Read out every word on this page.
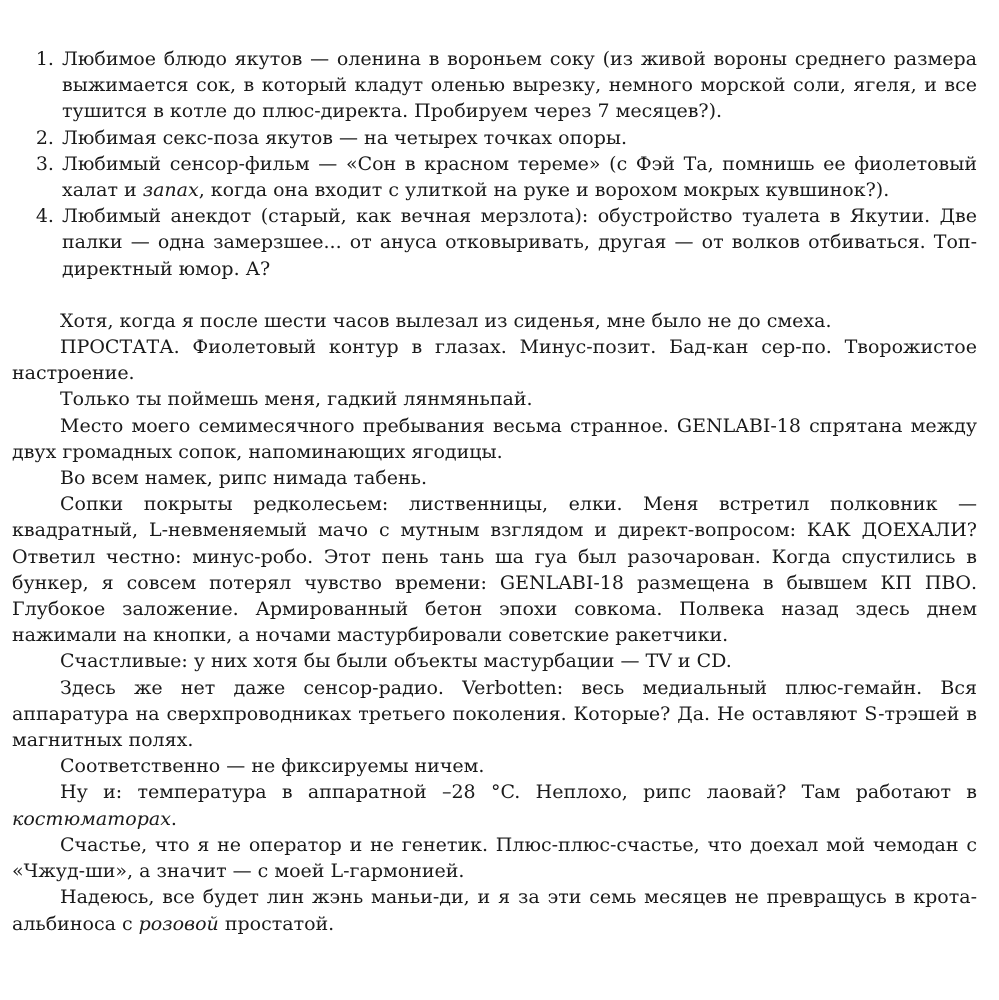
1. Любимое блюдо якутов — оленина в вороньем соку (из живой вороны среднего размера выжимается сок, в который кладут оленью вырезку, немного морской соли, ягеля, и все тушится в котле до плюс-директа. Пробируем через 7 месяцев?).
2. Любимая секс-поза якутов — на четырех точках опоры.
3. Любимый сенсор-фильм — «Сон в красном тереме» (с Фэй Та, помнишь ее фиолетовый халат и запах, когда она входит с улиткой на руке и ворохом мокрых кувшинок?).
4. Любимый анекдот (старый, как вечная мерзлота): обустройство туалета в Якутии. Две палки — одна замерзшее... от ануса отковыривать, другая — от волков отбиваться. Топ-директный юмор. А?

Хотя, когда я после шести часов вылезал из сиденья, мне было не до смеха.

ПРОСТАТА. Фиолетовый контур в глазах. Минус-позит. Бад-кан сер-по. Творожистое настроение.

Только ты поймешь меня, гадкий лянмяньпай.

Место моего семимесячного пребывания весьма странное. GENLABI-18 спрятана между двух громадных сопок, напоминающих ягодицы.

Во всем намек, рипс нимада табень.

Сопки покрыты редколесьем: лиственницы, елки. Меня встретил полковник — квадратный, L-невменяемый мачо с мутным взглядом и директ-вопросом: КАК ДОЕХАЛИ? Ответил честно: минус-робо. Этот пень тань ша гуа был разочарован. Когда спустились в бункер, я совсем потерял чувство времени: GENLABI-18 размещена в бывшем КП ПВО. Глубокое заложение. Армированный бетон эпохи совкома. Полвека назад здесь днем нажимали на кнопки, а ночами мастурбировали советские ракетчики.

Счастливые: у них хотя бы были объекты мастурбации — TV и CD.

Здесь же нет даже сенсор-радио. Verbotten: весь медиальный плюс-гемайн. Вся аппаратура на сверхпроводниках третьего поколения. Которые? Да. Не оставляют S-трэшей в магнитных полях.

Соответственно — не фиксируемы ничем.

Ну и: температура в аппаратной –28 °C. Неплохо, рипс лаовай? Там работают в костюматорах.

Счастье, что я не оператор и не генетик. Плюс-плюс-счастье, что доехал мой чемодан с «Чжуд-ши», а значит — с моей L-гармонией.

Надеюсь, все будет лин жэнь маньи-ди, и я за эти семь месяцев не превращусь в крота-альбиноса с розовой простатой.
